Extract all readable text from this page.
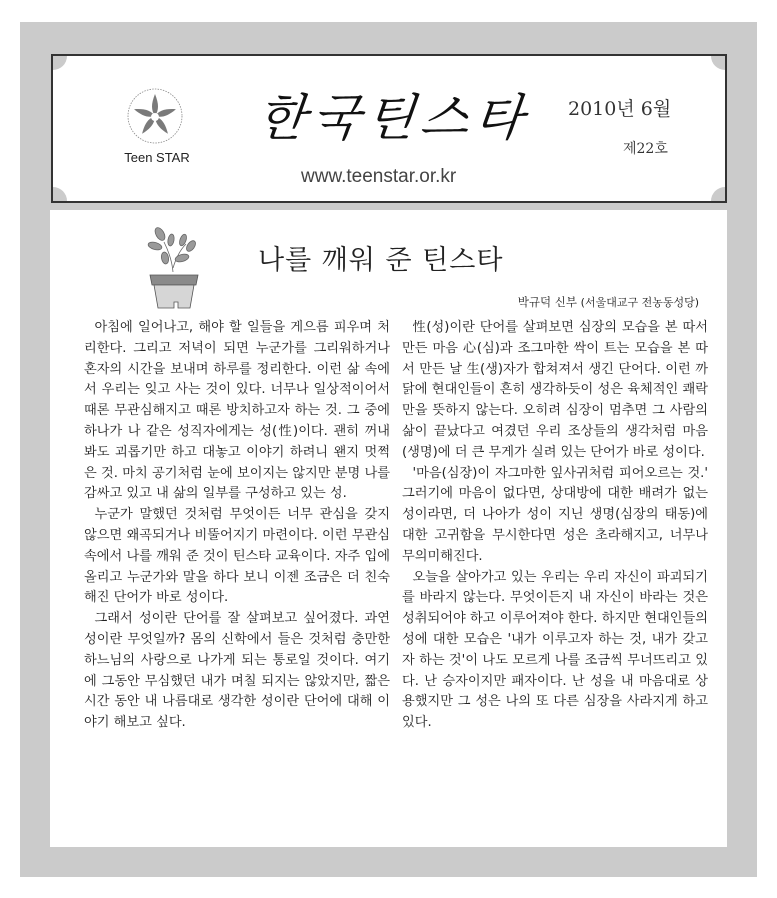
Teen STAR
한국틴스타 2010년 6월
제22호
www.teenstar.or.kr
나를 깨워 준 틴스타
박규덕 신부 (서울대교구 전농동성당)

아침에 일어나고, 해야 할 일들을 게으름 피우며 처리한다. 그리고 저녁이 되면 누군가를 그리워하거나 혼자의 시간을 보내며 하루를 정리한다. 이런 삶 속에서 우리는 잊고 사는 것이 있다. 너무나 일상적이어서 때론 무관심해지고 때론 방치하고자 하는 것. 그 중에 하나가 나 같은 성직자에게는 성(性)이다. 괜히 꺼내 봐도 괴롭기만 하고 대놓고 이야기 하려니 왠지 멋쩍은 것. 마치 공기처럼 눈에 보이지는 않지만 분명 나를 감싸고 있고 내 삶의 일부를 구성하고 있는 성.

누군가 말했던 것처럼 무엇이든 너무 관심을 갖지 않으면 왜곡되거나 비뚤어지기 마련이다. 이런 무관심 속에서 나를 깨워 준 것이 틴스타 교육이다. 자주 입에 올리고 누군가와 말을 하다 보니 이젠 조금은 더 친숙해진 단어가 바로 성이다.

그래서 성이란 단어를 잘 살펴보고 싶어졌다. 과연 성이란 무엇일까? 몸의 신학에서 들은 것처럼 충만한 하느님의 사랑으로 나가게 되는 통로일 것이다. 여기에 그동안 무심했던 내가 며칠 되지는 않았지만, 짧은 시간 동안 내 나름대로 생각한 성이란 단어에 대해 이야기 해보고 싶다.

性(성)이란 단어를 살펴보면 심장의 모습을 본 따서 만든 마음 心(심)과 조그마한 싹이 트는 모습을 본 따서 만든 날 生(생)자가 합쳐져서 생긴 단어다. 이런 까닭에 현대인들이 흔히 생각하듯이 성은 육체적인 쾌락만을 뜻하지 않는다. 오히려 심장이 멈추면 그 사람의 삶이 끝났다고 여겼던 우리 조상들의 생각처럼 마음(생명)에 더 큰 무게가 실려 있는 단어가 바로 성이다.

'마음(심장)이 자그마한 잎사귀처럼 피어오르는 것.' 그러기에 마음이 없다면, 상대방에 대한 배려가 없는 성이라면, 더 나아가 성이 지닌 생명(심장의 태동)에 대한 고귀함을 무시한다면 성은 초라해지고, 너무나 무의미해진다.

오늘을 살아가고 있는 우리는 우리 자신이 파괴되기를 바라지 않는다. 무엇이든지 내 자신이 바라는 것은 성취되어야 하고 이루어져야 한다. 하지만 현대인들의 성에 대한 모습은 '내가 이루고자 하는 것, 내가 갖고자 하는 것'이 나도 모르게 나를 조금씩 무너뜨리고 있다. 난 승자이지만 패자이다. 난 성을 내 마음대로 상용했지만 그 성은 나의 또 다른 심장을 사라지게 하고 있다.
